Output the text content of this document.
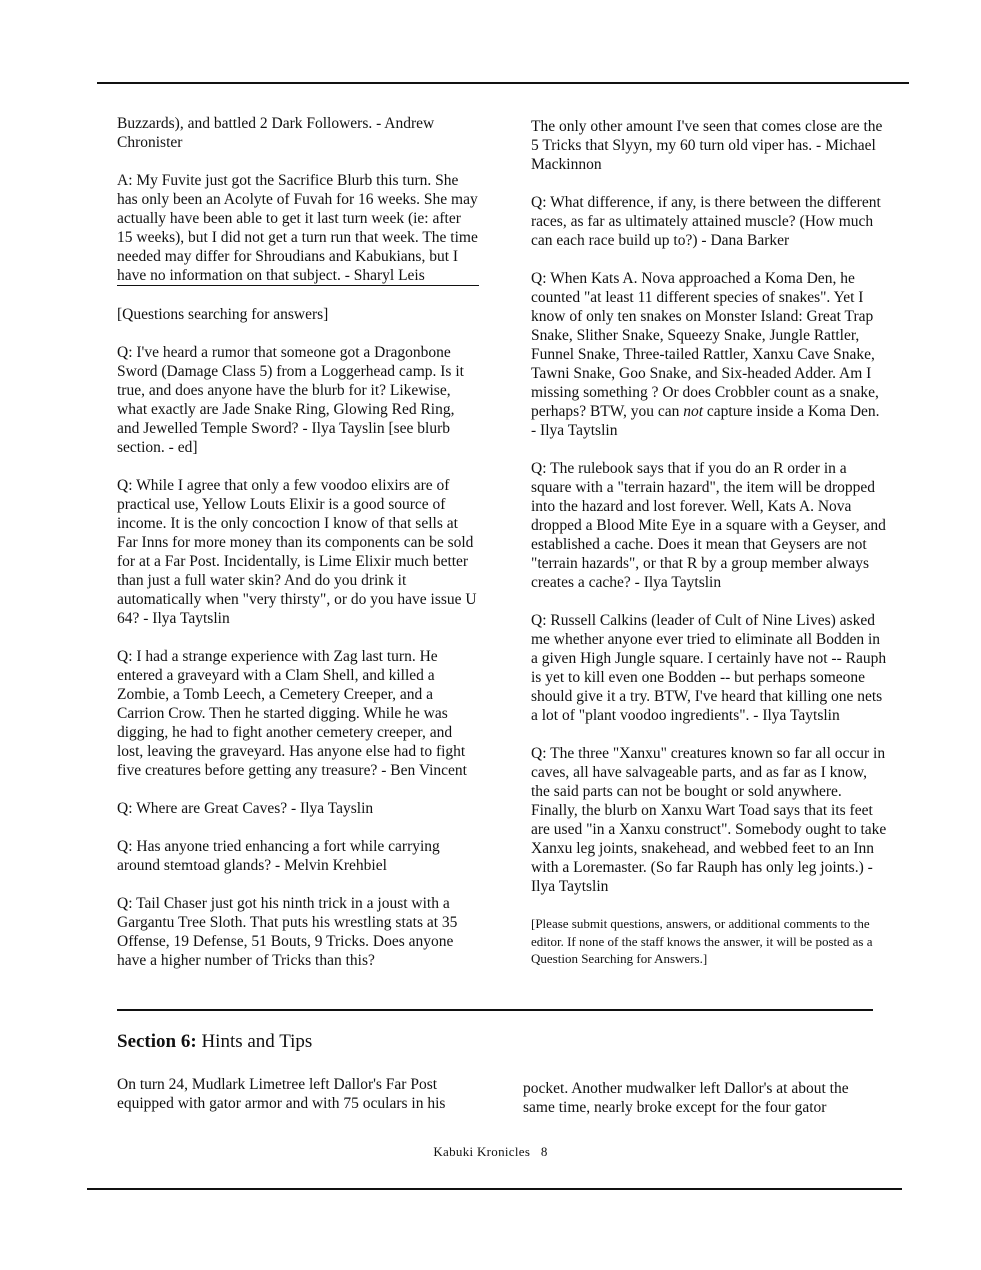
Buzzards), and battled 2 Dark Followers. - Andrew Chronister

A: My Fuvite just got the Sacrifice Blurb this turn. She has only been an Acolyte of Fuvah for 16 weeks. She may actually have been able to get it last turn week (ie: after 15 weeks), but I did not get a turn run that week. The time needed may differ for Shroudians and Kabukians, but I have no information on that subject. - Sharyl Leis

[Questions searching for answers]

Q: I've heard a rumor that someone got a Dragonbone Sword (Damage Class 5) from a Loggerhead camp. Is it true, and does anyone have the blurb for it? Likewise, what exactly are Jade Snake Ring, Glowing Red Ring, and Jewelled Temple Sword? - Ilya Tayslin [see blurb section. - ed]

Q: While I agree that only a few voodoo elixirs are of practical use, Yellow Louts Elixir is a good source of income. It is the only concoction I know of that sells at Far Inns for more money than its components can be sold for at a Far Post. Incidentally, is Lime Elixir much better than just a full water skin? And do you drink it automatically when "very thirsty", or do you have issue U 64? - Ilya Taytslin

Q: I had a strange experience with Zag last turn. He entered a graveyard with a Clam Shell, and killed a Zombie, a Tomb Leech, a Cemetery Creeper, and a Carrion Crow. Then he started digging. While he was digging, he had to fight another cemetery creeper, and lost, leaving the graveyard. Has anyone else had to fight five creatures before getting any treasure? - Ben Vincent

Q: Where are Great Caves? - Ilya Tayslin

Q: Has anyone tried enhancing a fort while carrying around stemtoad glands? - Melvin Krehbiel

Q: Tail Chaser just got his ninth trick in a joust with a Gargantu Tree Sloth. That puts his wrestling stats at 35 Offense, 19 Defense, 51 Bouts, 9 Tricks. Does anyone have a higher number of Tricks than this?

The only other amount I've seen that comes close are the 5 Tricks that Slyyn, my 60 turn old viper has. - Michael Mackinnon

Q: What difference, if any, is there between the different races, as far as ultimately attained muscle? (How much can each race build up to?) - Dana Barker

Q: When Kats A. Nova approached a Koma Den, he counted "at least 11 different species of snakes". Yet I know of only ten snakes on Monster Island: Great Trap Snake, Slither Snake, Squeezy Snake, Jungle Rattler, Funnel Snake, Three-tailed Rattler, Xanxu Cave Snake, Tawni Snake, Goo Snake, and Six-headed Adder. Am I missing something ? Or does Crobbler count as a snake, perhaps? BTW, you can not capture inside a Koma Den. - Ilya Taytslin

Q: The rulebook says that if you do an R order in a square with a "terrain hazard", the item will be dropped into the hazard and lost forever. Well, Kats A. Nova dropped a Blood Mite Eye in a square with a Geyser, and established a cache. Does it mean that Geysers are not "terrain hazards", or that R by a group member always creates a cache? - Ilya Taytslin

Q: Russell Calkins (leader of Cult of Nine Lives) asked me whether anyone ever tried to eliminate all Bodden in a given High Jungle square. I certainly have not -- Rauph is yet to kill even one Bodden -- but perhaps someone should give it a try. BTW, I've heard that killing one nets a lot of "plant voodoo ingredients". - Ilya Taytslin

Q: The three "Xanxu" creatures known so far all occur in caves, all have salvageable parts, and as far as I know, the said parts can not be bought or sold anywhere. Finally, the blurb on Xanxu Wart Toad says that its feet are used "in a Xanxu construct". Somebody ought to take Xanxu leg joints, snakehead, and webbed feet to an Inn with a Loremaster. (So far Rauph has only leg joints.) - Ilya Taytslin

[Please submit questions, answers, or additional comments to the editor. If none of the staff knows the answer, it will be posted as a Question Searching for Answers.]

Section 6: Hints and Tips

On turn 24, Mudlark Limetree left Dallor's Far Post equipped with gator armor and with 75 oculars in his

pocket. Another mudwalker left Dallor's at about the same time, nearly broke except for the four gator

Kabuki Kronicles   8
